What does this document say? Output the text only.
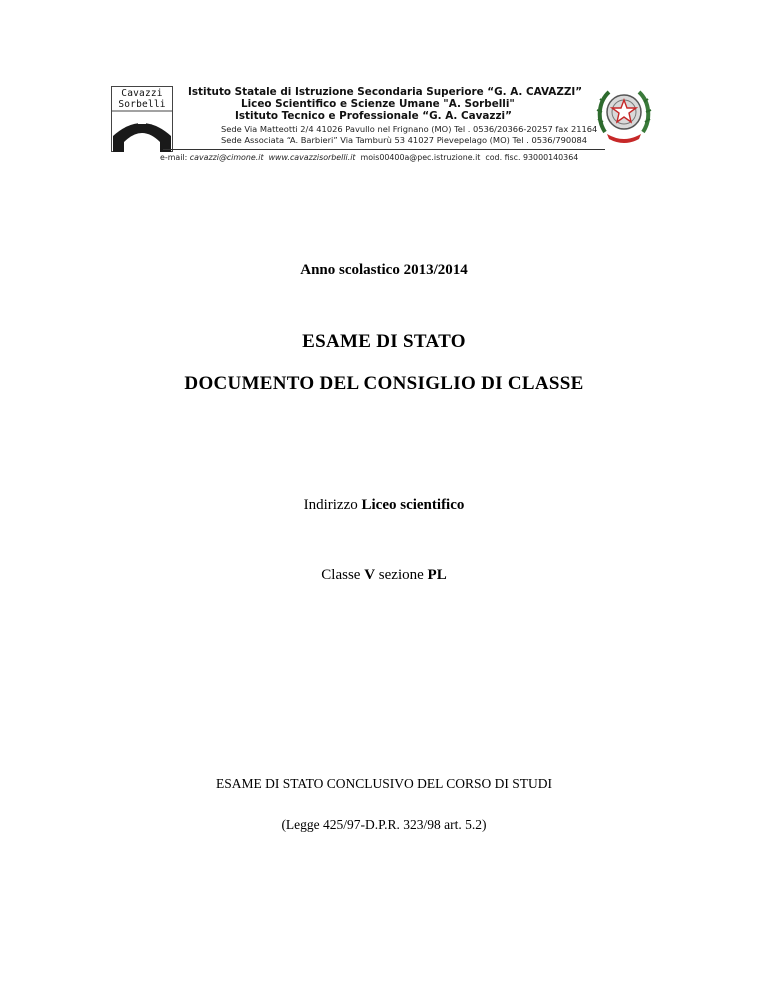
Cavazzi
Sorbelli
Istituto Statale di Istruzione Secondaria Superiore “G. A. CAVAZZI”
Liceo Scientifico e Scienze Umane "A. Sorbelli"
Istituto Tecnico e Professionale “G. A. Cavazzi”
Sede Via Matteotti 2/4 41026 Pavullo nel Frignano (MO) Tel . 0536/20366-20257 fax 21164
Sede Associata “A. Barbieri” Via Tamburù 53 41027 Pievepelago (MO) Tel . 0536/790084
e-mail: cavazzi@cimone.it www.cavazzisorbelli.it mois00400a@pec.istruzione.it cod. fisc. 93000140364
Anno scolastico 2013/2014
ESAME DI STATO
DOCUMENTO DEL CONSIGLIO DI CLASSE
Indirizzo Liceo scientifico
Classe V sezione PL
ESAME DI STATO CONCLUSIVO DEL CORSO DI STUDI
(Legge 425/97-D.P.R. 323/98 art. 5.2)
